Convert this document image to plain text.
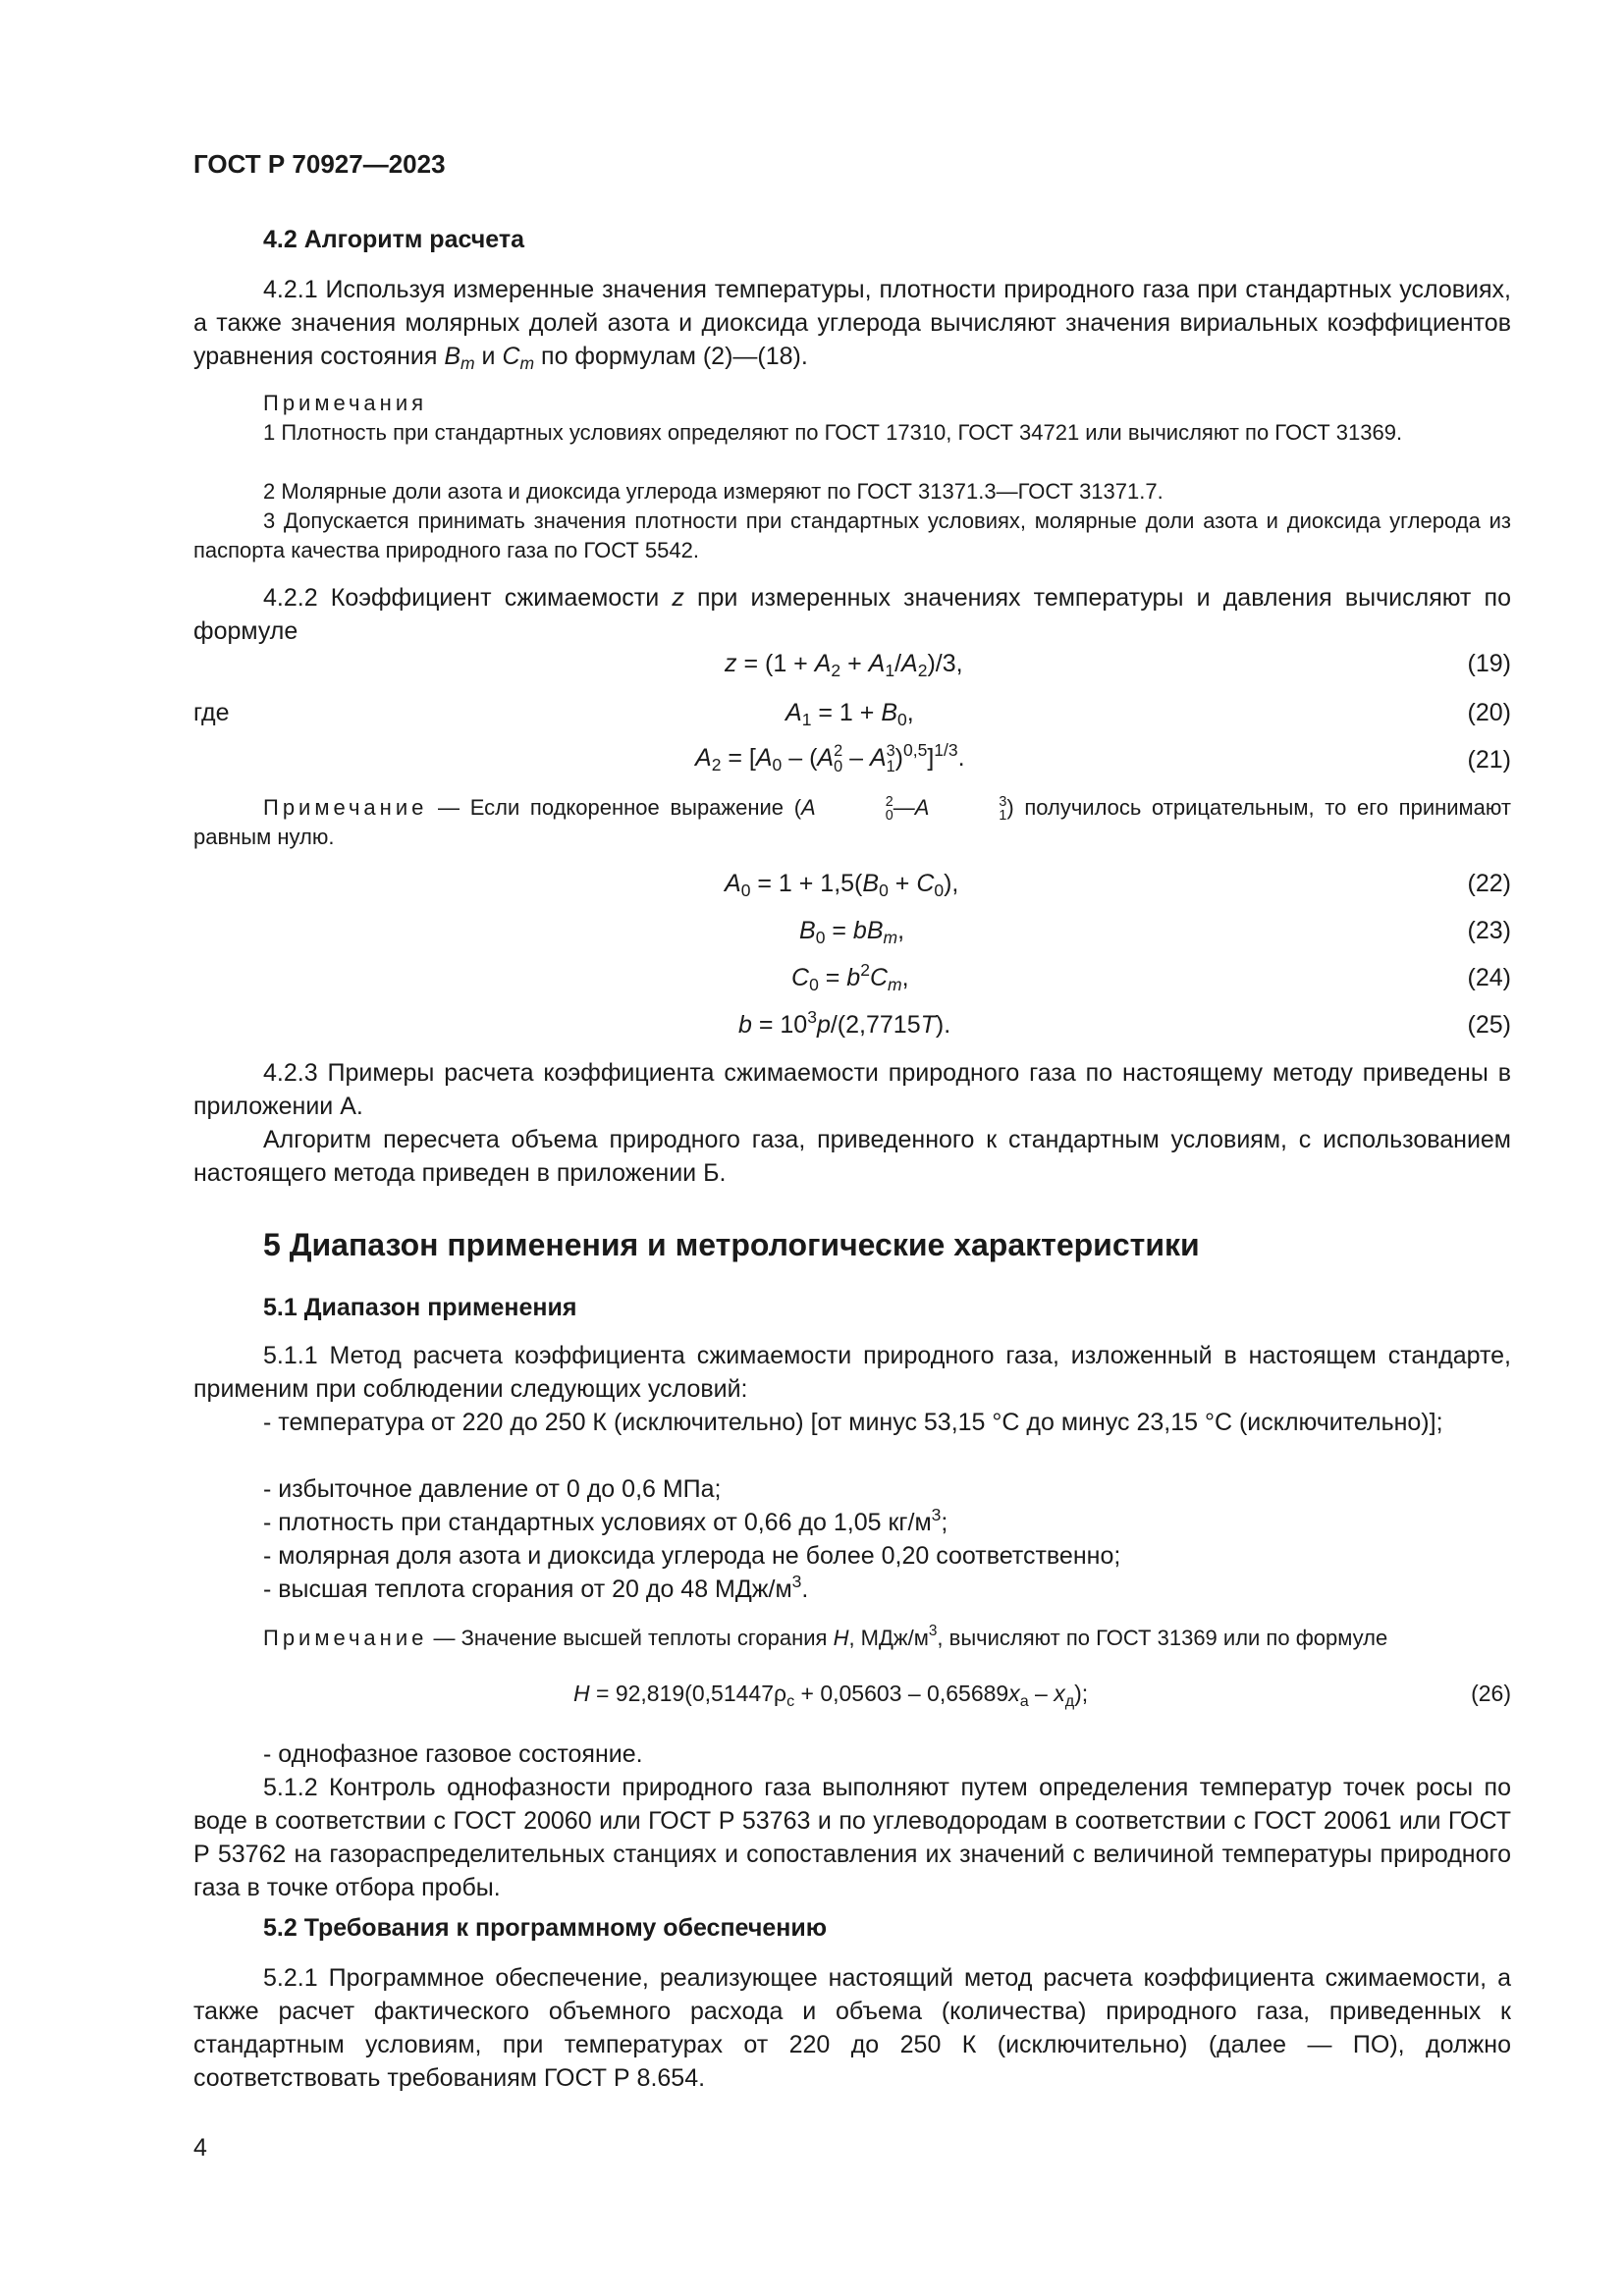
ГОСТ Р 70927—2023
4.2 Алгоритм расчета
4.2.1 Используя измеренные значения температуры, плотности природного газа при стандартных условиях, а также значения молярных долей азота и диоксида углерода вычисляют значения вириальных коэффициентов уравнения состояния $B_m$ и $C_m$ по формулам (2)—(18).
Примечания
1 Плотность при стандартных условиях определяют по ГОСТ 17310, ГОСТ 34721 или вычисляют по ГОСТ 31369.
2 Молярные доли азота и диоксида углерода измеряют по ГОСТ 31371.3—ГОСТ 31371.7.
3 Допускается принимать значения плотности при стандартных условиях, молярные доли азота и диоксида углерода из паспорта качества природного газа по ГОСТ 5542.
4.2.2 Коэффициент сжимаемости z при измеренных значениях температуры и давления вычисляют по формуле
$z = (1 + A_2 + A_1/A_2)/3$,	(19)
где	$A_1 = 1 + B_0$,	(20)
$A_2 = [A_0 - (A$ 2
0 – A 3
1 )$^{0,5}$]$^{1/3}$.	(21)
Примечание — Если подкоренное выражение (A	2
0 —A	3
1 ) получилось отрицательным, то его принимают равным нулю.
$A_0 = 1 + 1,5(B_0 + C_0)$,	(22)
$B_0 = bB_m$,	(23)
$C_0 = b^2C_m$,	(24)
$b = 10^3p/(2,7715T)$.	(25)
4.2.3 Примеры расчета коэффициента сжимаемости природного газа по настоящему методу приведены в приложении А.
Алгоритм пересчета объема природного газа, приведенного к стандартным условиям, с использованием настоящего метода приведен в приложении Б.
5 Диапазон применения и метрологические характеристики
5.1 Диапазон применения
5.1.1 Метод расчета коэффициента сжимаемости природного газа, изложенный в настоящем стандарте, применим при соблюдении следующих условий:
- температура от 220 до 250 К (исключительно) [от минус 53,15 °С до минус 23,15 °С (исключительно)];
- избыточное давление от 0 до 0,6 МПа;
- плотность при стандартных условиях от 0,66 до 1,05 $кг/м^3$;
- молярная доля азота и диоксида углерода не более 0,20 соответственно;
- высшая теплота сгорания от 20 до 48 МДж/$м^3$.
Примечание — Значение высшей теплоты сгорания H, МДж/$м^3$, вычисляют по ГОСТ 31369 или по формуле
$H = 92,819(0,51447\rho_с + 0,05603 - 0,65689x_а - x_д)$;	(26)
- однофазное газовое состояние.
5.1.2 Контроль однофазности природного газа выполняют путем определения температур точек росы по воде в соответствии с ГОСТ 20060 или ГОСТ Р 53763 и по углеводородам в соответствии с ГОСТ 20061 или ГОСТ Р 53762 на газораспределительных станциях и сопоставления их значений с величиной температуры природного газа в точке отбора пробы.
5.2 Требования к программному обеспечению
5.2.1 Программное обеспечение, реализующее настоящий метод расчета коэффициента сжимаемости, а также расчет фактического объемного расхода и объема (количества) природного газа, приведенных к стандартным условиям, при температурах от 220 до 250 К (исключительно) (далее — ПО), должно соответствовать требованиям ГОСТ Р 8.654.
4
